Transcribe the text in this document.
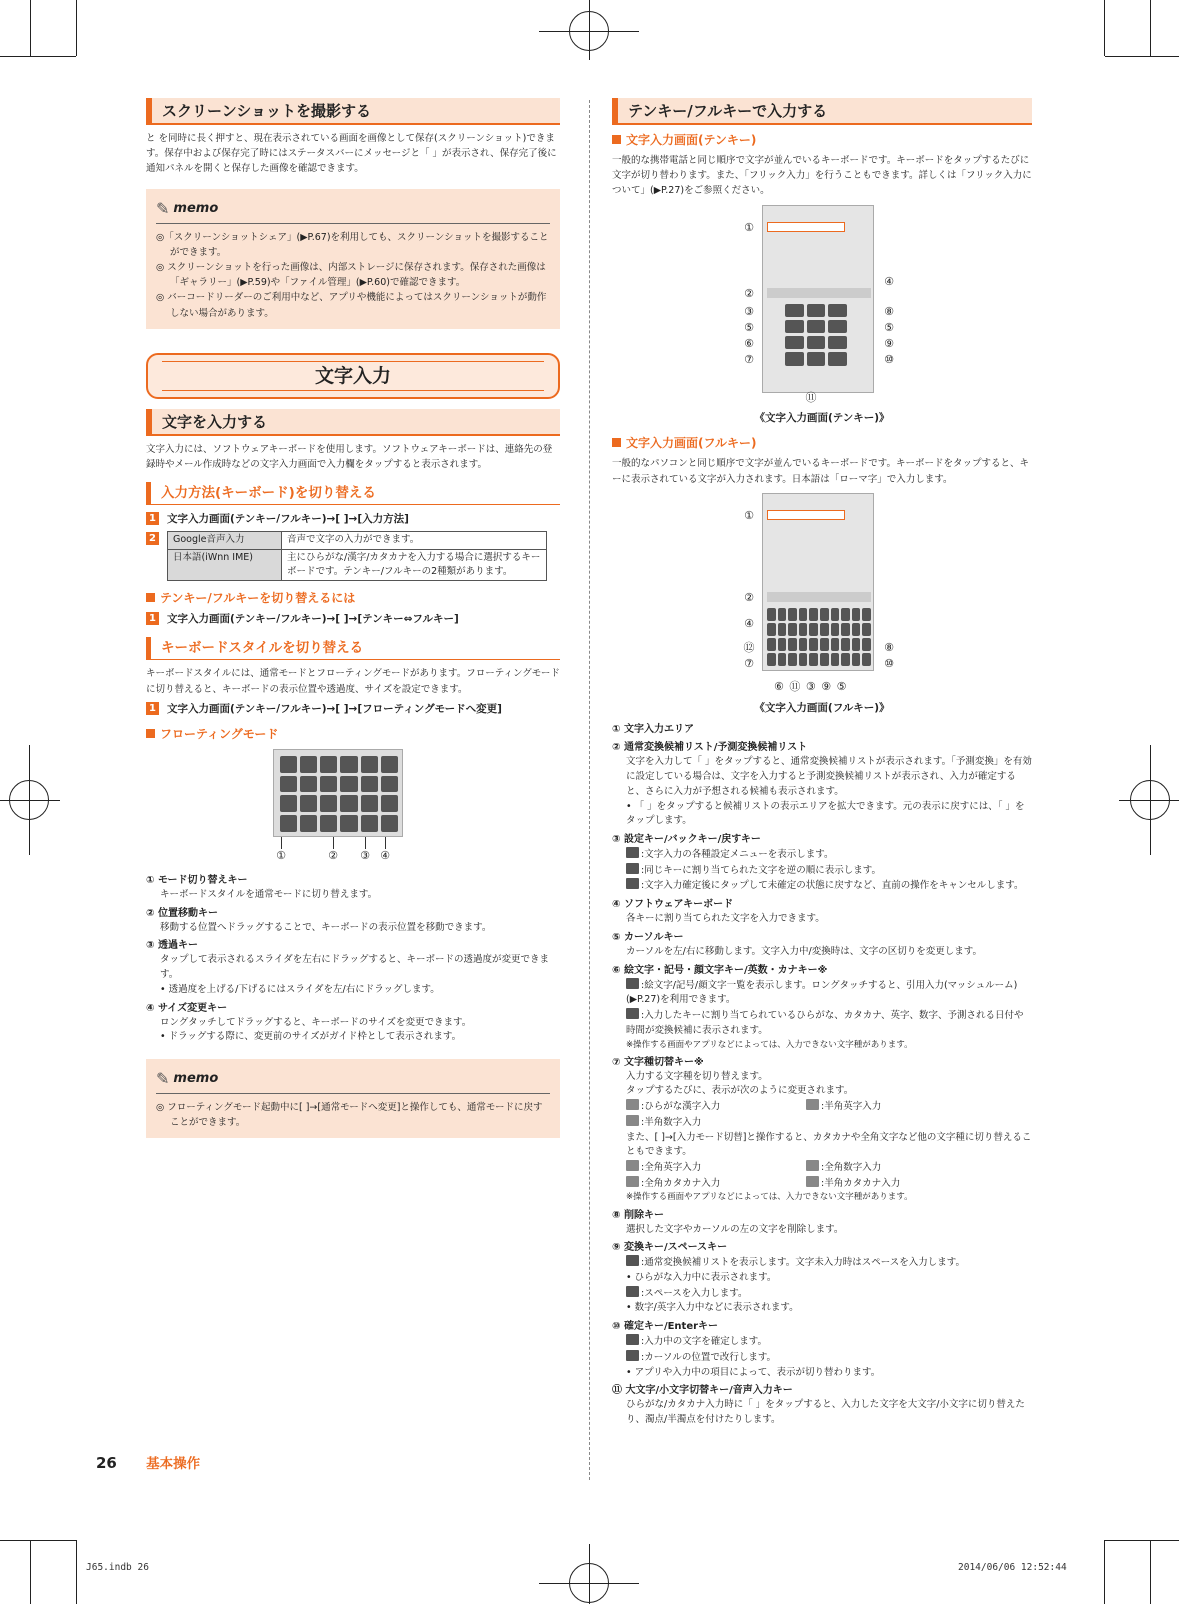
スクリーンショットを撮影する
と を同時に長く押すと、現在表示されている画面を画像として保存(スクリーンショット)できます。保存中および保存完了時にはステータスバーにメッセージと「 」が表示され、保存完了後に通知パネルを開くと保存した画像を確認できます。
✎ memo
◎「スクリーンショットシェア」(▶P.67)を利用しても、スクリーンショットを撮影することができます。
◎ スクリーンショットを行った画像は、内部ストレージに保存されます。保存された画像は「ギャラリー」(▶P.59)や「ファイル管理」(▶P.60)で確認できます。
◎ バーコードリーダーのご利用中など、アプリや機能によってはスクリーンショットが動作しない場合があります。
文字入力
文字を入力する
文字入力には、ソフトウェアキーボードを使用します。ソフトウェアキーボードは、連絡先の登録時やメール作成時などの文字入力画面で入力欄をタップすると表示されます。
入力方法(キーボード)を切り替える
1 文字入力画面(テンキー/フルキー)→[ ]→[入力方法]
2	Google音声入力	音声で文字の入力ができます。
日本語(iWnn IME)	主にひらがな/漢字/カタカナを入力する場合に選択するキーボードです。テンキー/フルキーの2種類があります。
テンキー/フルキーを切り替えるには
1 文字入力画面(テンキー/フルキー)→[ ]→[テンキー⇔フルキー]
キーボードスタイルを切り替える
キーボードスタイルには、通常モードとフローティングモードがあります。フローティングモードに切り替えると、キーボードの表示位置や透過度、サイズを設定できます。
1 文字入力画面(テンキー/フルキー)→[ ]→[フローティングモードへ変更]
フローティングモード
①	② ③ ④
① モード切り替えキー
キーボードスタイルを通常モードに切り替えます。
② 位置移動キー
移動する位置へドラッグすることで、キーボードの表示位置を移動できます。
③ 透過キー
タップして表示されるスライダを左右にドラッグすると、キーボードの透過度が変更できます。
• 透過度を上げる/下げるにはスライダを左/右にドラッグします。
④ サイズ変更キー
ロングタッチしてドラッグすると、キーボードのサイズを変更できます。
• ドラッグする際に、変更前のサイズがガイド枠として表示されます。
✎ memo
◎ フローティングモード起動中に[ ]→[通常モードへ変更]と操作しても、通常モードに戻すことができます。
テンキー/フルキーで入力する
文字入力画面(テンキー)
一般的な携帯電話と同じ順序で文字が並んでいるキーボードです。キーボードをタップするたびに文字が切り替わります。また、「フリック入力」を行うこともできます。詳しくは「フリック入力について」(▶P.27)をご参照ください。
①
②
③
⑤
⑥
⑦
④
⑧
⑤
⑨
⑩
⑪
《文字入力画面(テンキー)》
文字入力画面(フルキー)
一般的なパソコンと同じ順序で文字が並んでいるキーボードです。キーボードをタップすると、キーに表示されている文字が入力されます。日本語は「ローマ字」で入力します。
①
②
④
⑫
⑦
⑧
⑩
⑥ ⑪ ③ ⑨ ⑤
《文字入力画面(フルキー)》
① 文字入力エリア
② 通常変換候補リスト/予測変換候補リスト
文字を入力して「 」をタップすると、通常変換候補リストが表示されます。「予測変換」を有効に設定している場合は、文字を入力すると予測変換候補リストが表示され、入力が確定すると、さらに入力が予想される候補も表示されます。
• 「 」をタップすると候補リストの表示エリアを拡大できます。元の表示に戻すには、「 」をタップします。
③ 設定キー/バックキー/戻すキー
:文字入力の各種設定メニューを表示します。
:同じキーに割り当てられた文字を逆の順に表示します。
:文字入力確定後にタップして未確定の状態に戻すなど、直前の操作をキャンセルします。
④ ソフトウェアキーボード
各キーに割り当てられた文字を入力できます。
⑤ カーソルキー
カーソルを左/右に移動します。文字入力中/変換時は、文字の区切りを変更します。
⑥ 絵文字・記号・顔文字キー/英数・カナキー※
:絵文字/記号/顔文字一覧を表示します。ロングタッチすると、引用入力(マッシュルーム)(▶P.27)を利用できます。
:入力したキーに割り当てられているひらがな、カタカナ、英字、数字、予測される日付や時間が変換候補に表示されます。
※操作する画面やアプリなどによっては、入力できない文字種があります。
⑦ 文字種切替キー※
入力する文字種を切り替えます。
タップするたびに、表示が次のように変更されます。
:ひらがな漢字入力	:半角英字入力
:半角数字入力
また、[ ]→[入力モード切替]と操作すると、カタカナや全角文字など他の文字種に切り替えることもできます。
:全角英字入力	:全角数字入力
:全角カタカナ入力	:半角カタカナ入力
※操作する画面やアプリなどによっては、入力できない文字種があります。
⑧ 削除キー
選択した文字やカーソルの左の文字を削除します。
⑨ 変換キー/スペースキー
:通常変換候補リストを表示します。文字未入力時はスペースを入力します。
• ひらがな入力中に表示されます。
:スペースを入力します。
• 数字/英字入力中などに表示されます。
⑩ 確定キー/Enterキー
:入力中の文字を確定します。
:カーソルの位置で改行します。
• アプリや入力中の項目によって、表示が切り替わります。
⑪ 大文字/小文字切替キー/音声入力キー
ひらがな/カタカナ入力時に「 」をタップすると、入力した文字を大文字/小文字に切り替えたり、濁点/半濁点を付けたりします。
26 基本操作
J65.indb 26	2014/06/06 12:52:44
